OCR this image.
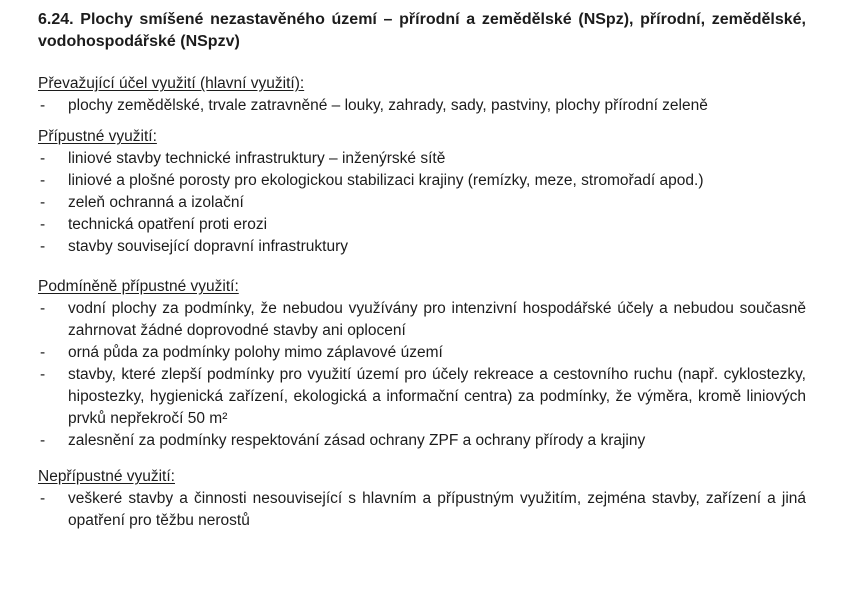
6.24. Plochy smíšené nezastavěného území – přírodní a zemědělské (NSpz), přírodní, zemědělské, vodohospodářské (NSpzv)
Převažující účel využití (hlavní využití):
- plochy zemědělské, trvale zatravněné – louky, zahrady, sady, pastviny, plochy přírodní zeleně
Přípustné využití:
- liniové stavby technické infrastruktury – inženýrské sítě
- liniové a plošné porosty pro ekologickou stabilizaci krajiny (remízky, meze, stromořadí apod.)
- zeleň ochranná a izolační
- technická opatření proti erozi
- stavby související dopravní infrastruktury
Podmíněně přípustné využití:
- vodní plochy za podmínky, že nebudou využívány pro intenzivní hospodářské účely a nebudou současně zahrnovat žádné doprovodné stavby ani oplocení
- orná půda za podmínky polohy mimo záplavové území
- stavby, které zlepší podmínky pro využití území pro účely rekreace a cestovního ruchu (např. cyklostezky, hipostezky, hygienická zařízení, ekologická a informační centra) za podmínky, že výměra, kromě liniových prvků nepřekročí 50 m²
- zalesnění za podmínky respektování zásad ochrany ZPF a ochrany přírody a krajiny
Nepřípustné využití:
- veškeré stavby a činnosti nesouvisející s hlavním a přípustným využitím, zejména stavby, zařízení a jiná opatření pro těžbu nerostů
